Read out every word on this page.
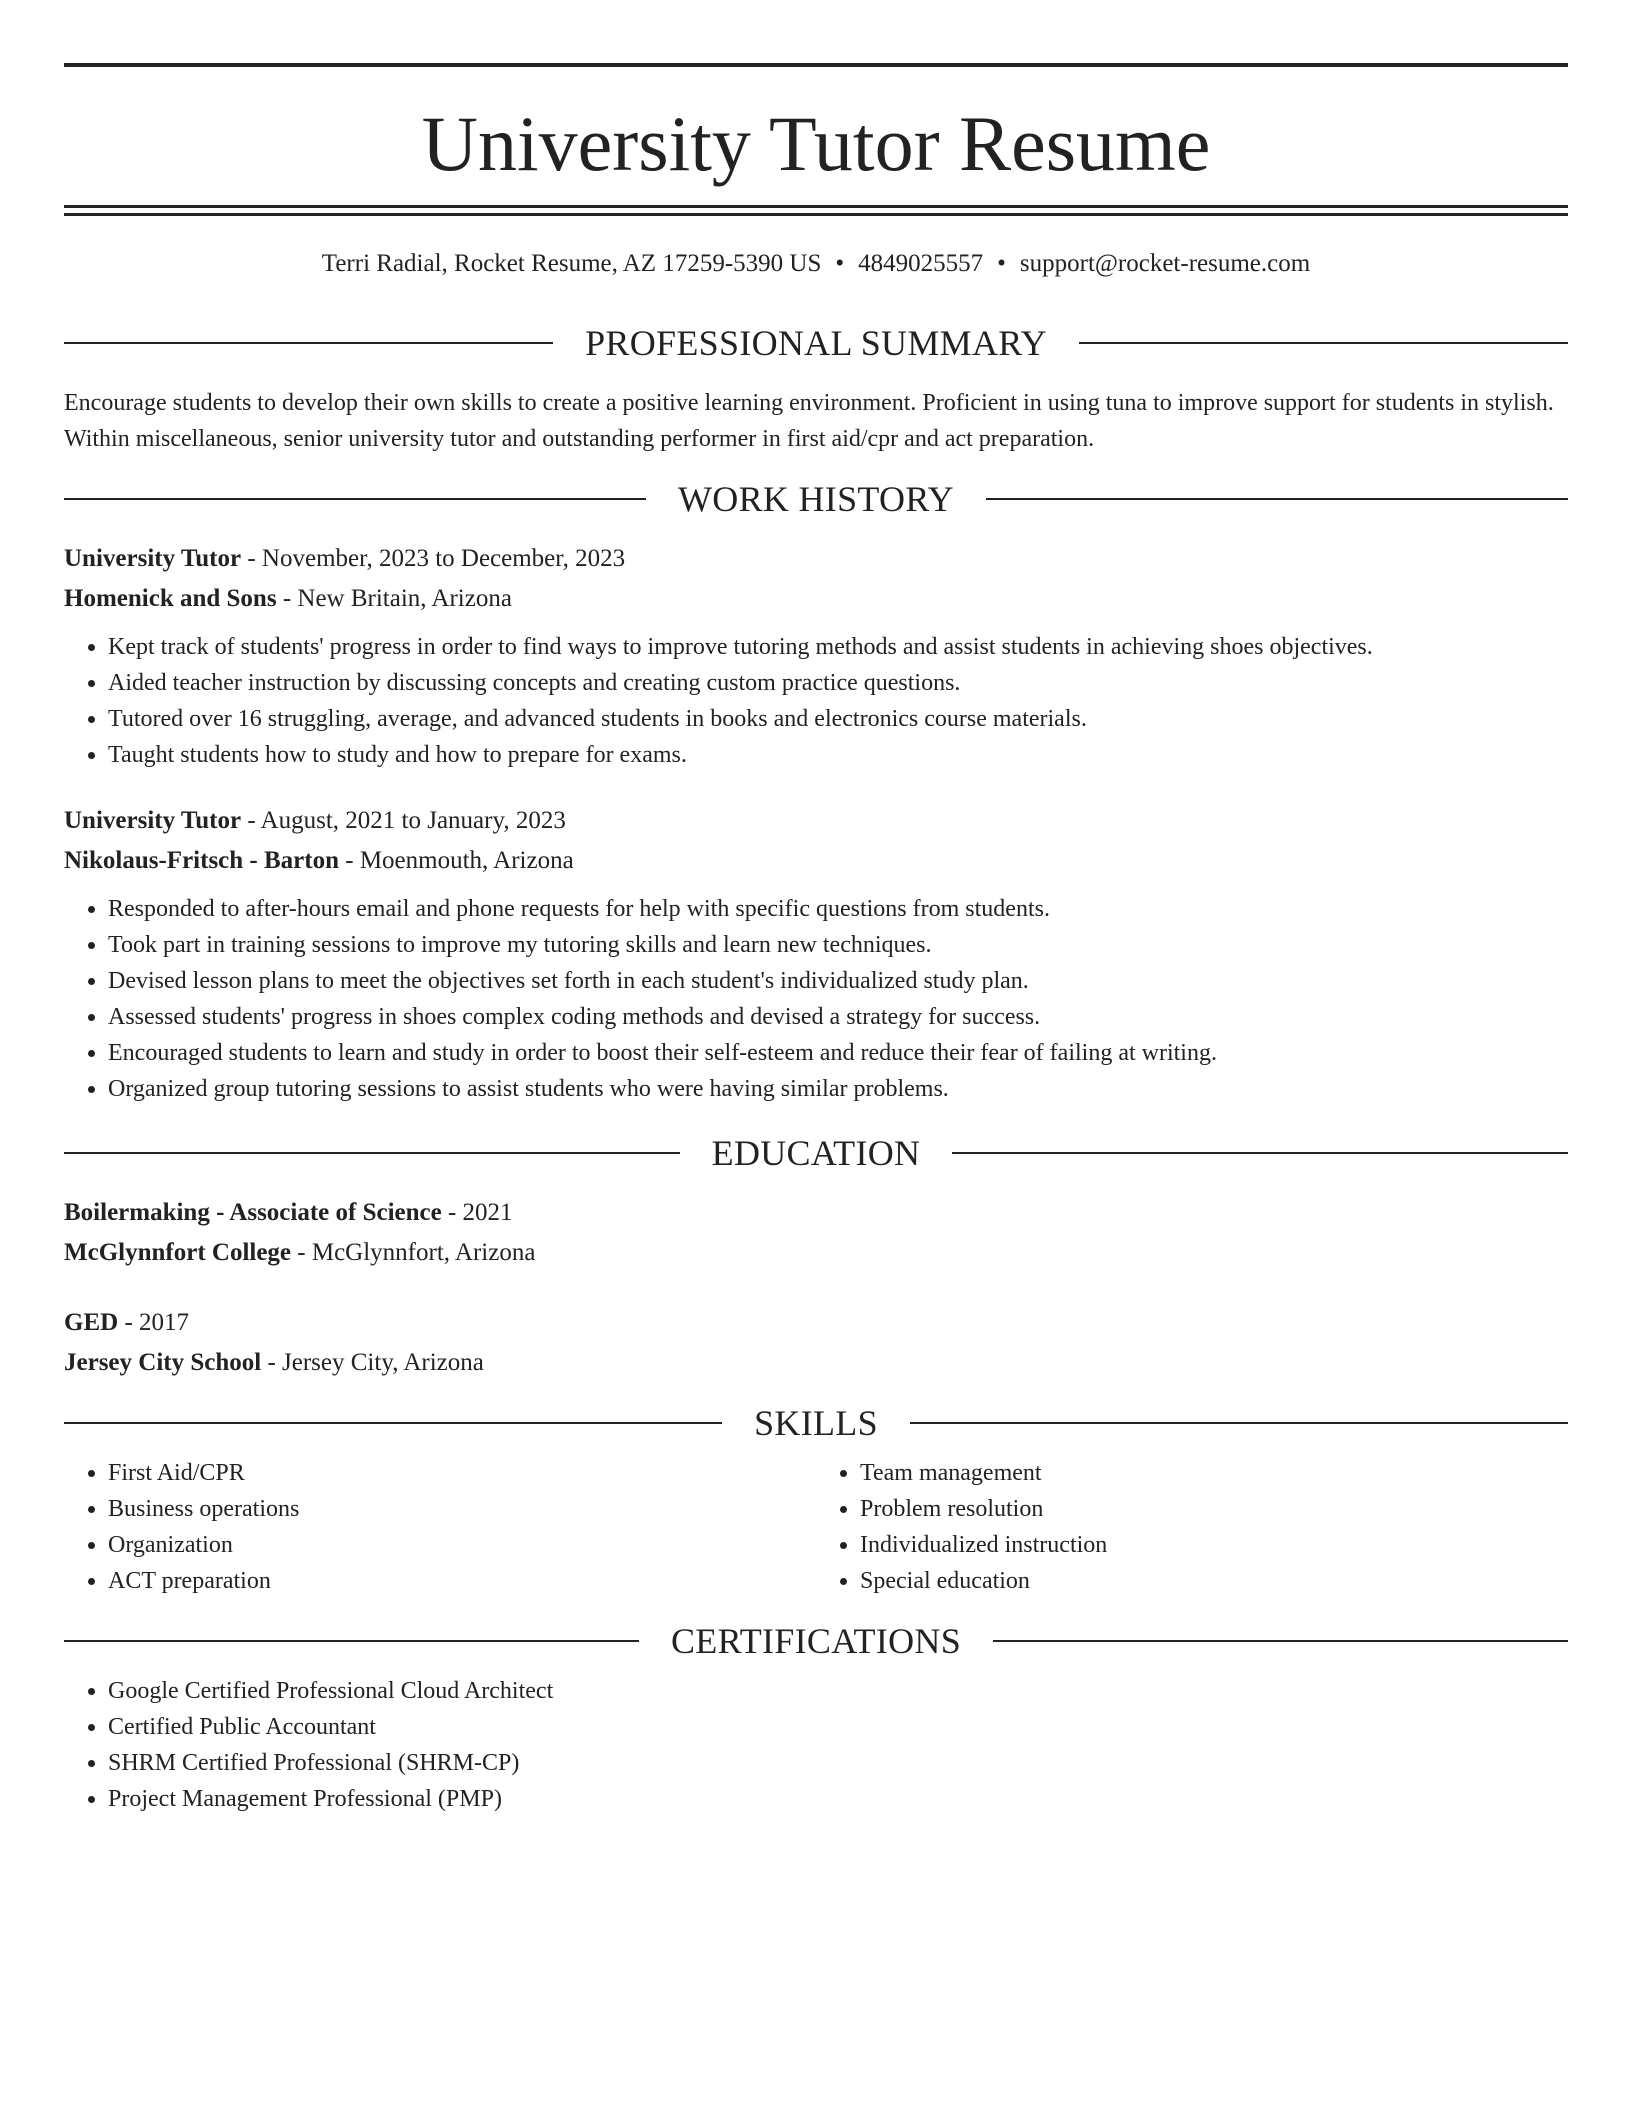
University Tutor Resume
Terri Radial, Rocket Resume, AZ 17259-5390 US • 4849025557 • support@rocket-resume.com
PROFESSIONAL SUMMARY

Encourage students to develop their own skills to create a positive learning environment. Proficient in using tuna to improve support for students in stylish. Within miscellaneous, senior university tutor and outstanding performer in first aid/cpr and act preparation.

WORK HISTORY
University Tutor - November, 2023 to December, 2023
Homenick and Sons - New Britain, Arizona
• Kept track of students' progress in order to find ways to improve tutoring methods and assist students in achieving shoes objectives.
• Aided teacher instruction by discussing concepts and creating custom practice questions.
• Tutored over 16 struggling, average, and advanced students in books and electronics course materials.
• Taught students how to study and how to prepare for exams.
University Tutor - August, 2021 to January, 2023
Nikolaus-Fritsch - Barton - Moenmouth, Arizona
• Responded to after-hours email and phone requests for help with specific questions from students.
• Took part in training sessions to improve my tutoring skills and learn new techniques.
• Devised lesson plans to meet the objectives set forth in each student's individualized study plan.
• Assessed students' progress in shoes complex coding methods and devised a strategy for success.
• Encouraged students to learn and study in order to boost their self-esteem and reduce their fear of failing at writing.
• Organized group tutoring sessions to assist students who were having similar problems.
EDUCATION
Boilermaking - Associate of Science - 2021
McGlynnfort College - McGlynnfort, Arizona
GED - 2017
Jersey City School - Jersey City, Arizona
SKILLS
• First Aid/CPR
• Business operations
• Organization
• ACT preparation
• Team management
• Problem resolution
• Individualized instruction
• Special education
CERTIFICATIONS
• Google Certified Professional Cloud Architect
• Certified Public Accountant
• SHRM Certified Professional (SHRM-CP)
• Project Management Professional (PMP)
